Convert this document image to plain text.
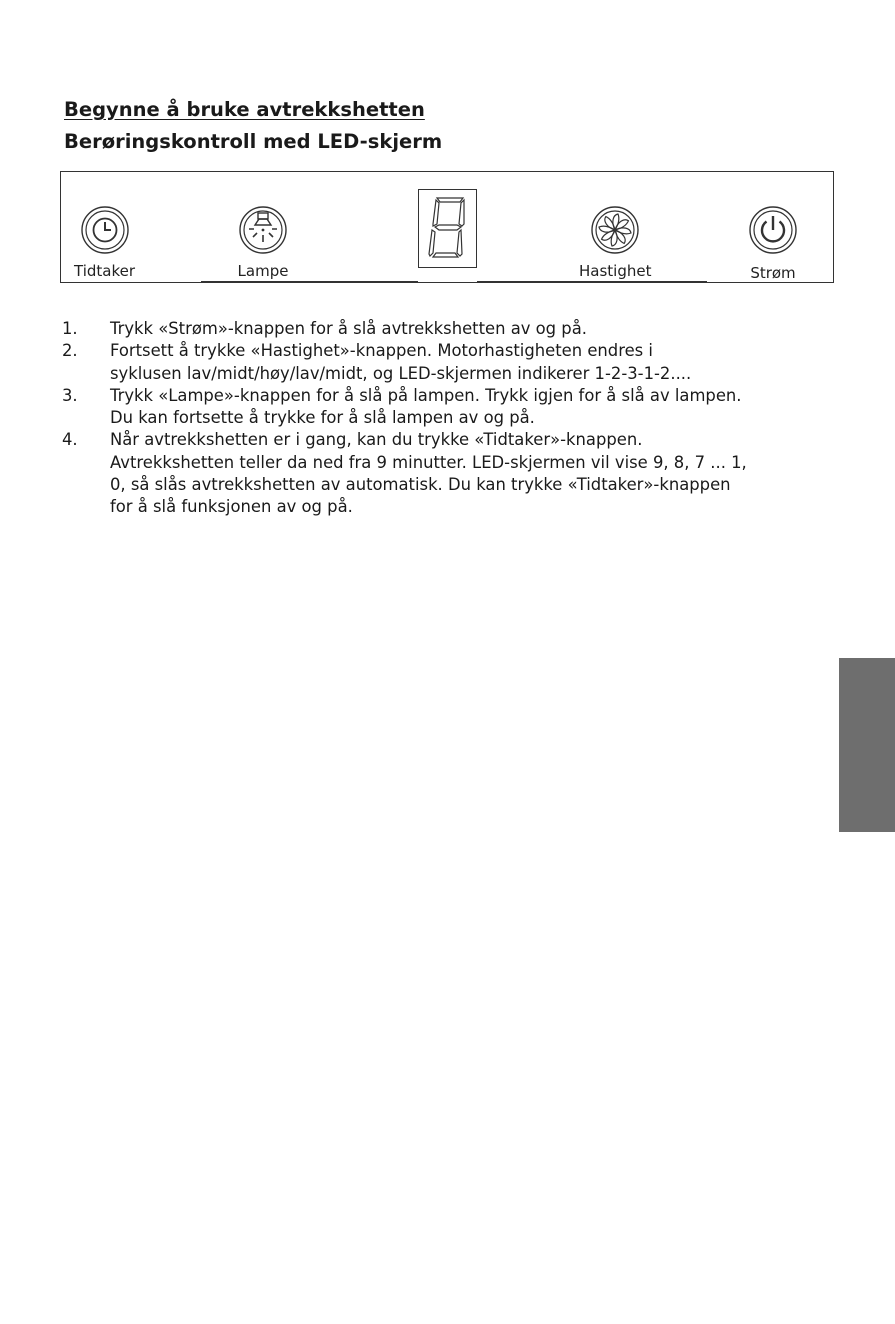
Begynne å bruke avtrekkshetten
Berøringskontroll med LED-skjerm
Tidtaker	Lampe	Hastighet	Strøm
1.	Trykk «Strøm»-knappen for å slå avtrekkshetten av og på.
2.	Fortsett å trykke «Hastighet»-knappen. Motorhastigheten endres i
syklusen lav/midt/høy/lav/midt, og LED-skjermen indikerer 1-2-3-1-2....
3.	Trykk «Lampe»-knappen for å slå på lampen. Trykk igjen for å slå av lampen.
Du kan fortsette å trykke for å slå lampen av og på.
4.	Når avtrekkshetten er i gang, kan du trykke «Tidtaker»-knappen.
Avtrekkshetten teller da ned fra 9 minutter. LED-skjermen vil vise 9, 8, 7 ... 1,
0, så slås avtrekkshetten av automatisk. Du kan trykke «Tidtaker»-knappen
for å slå funksjonen av og på.
